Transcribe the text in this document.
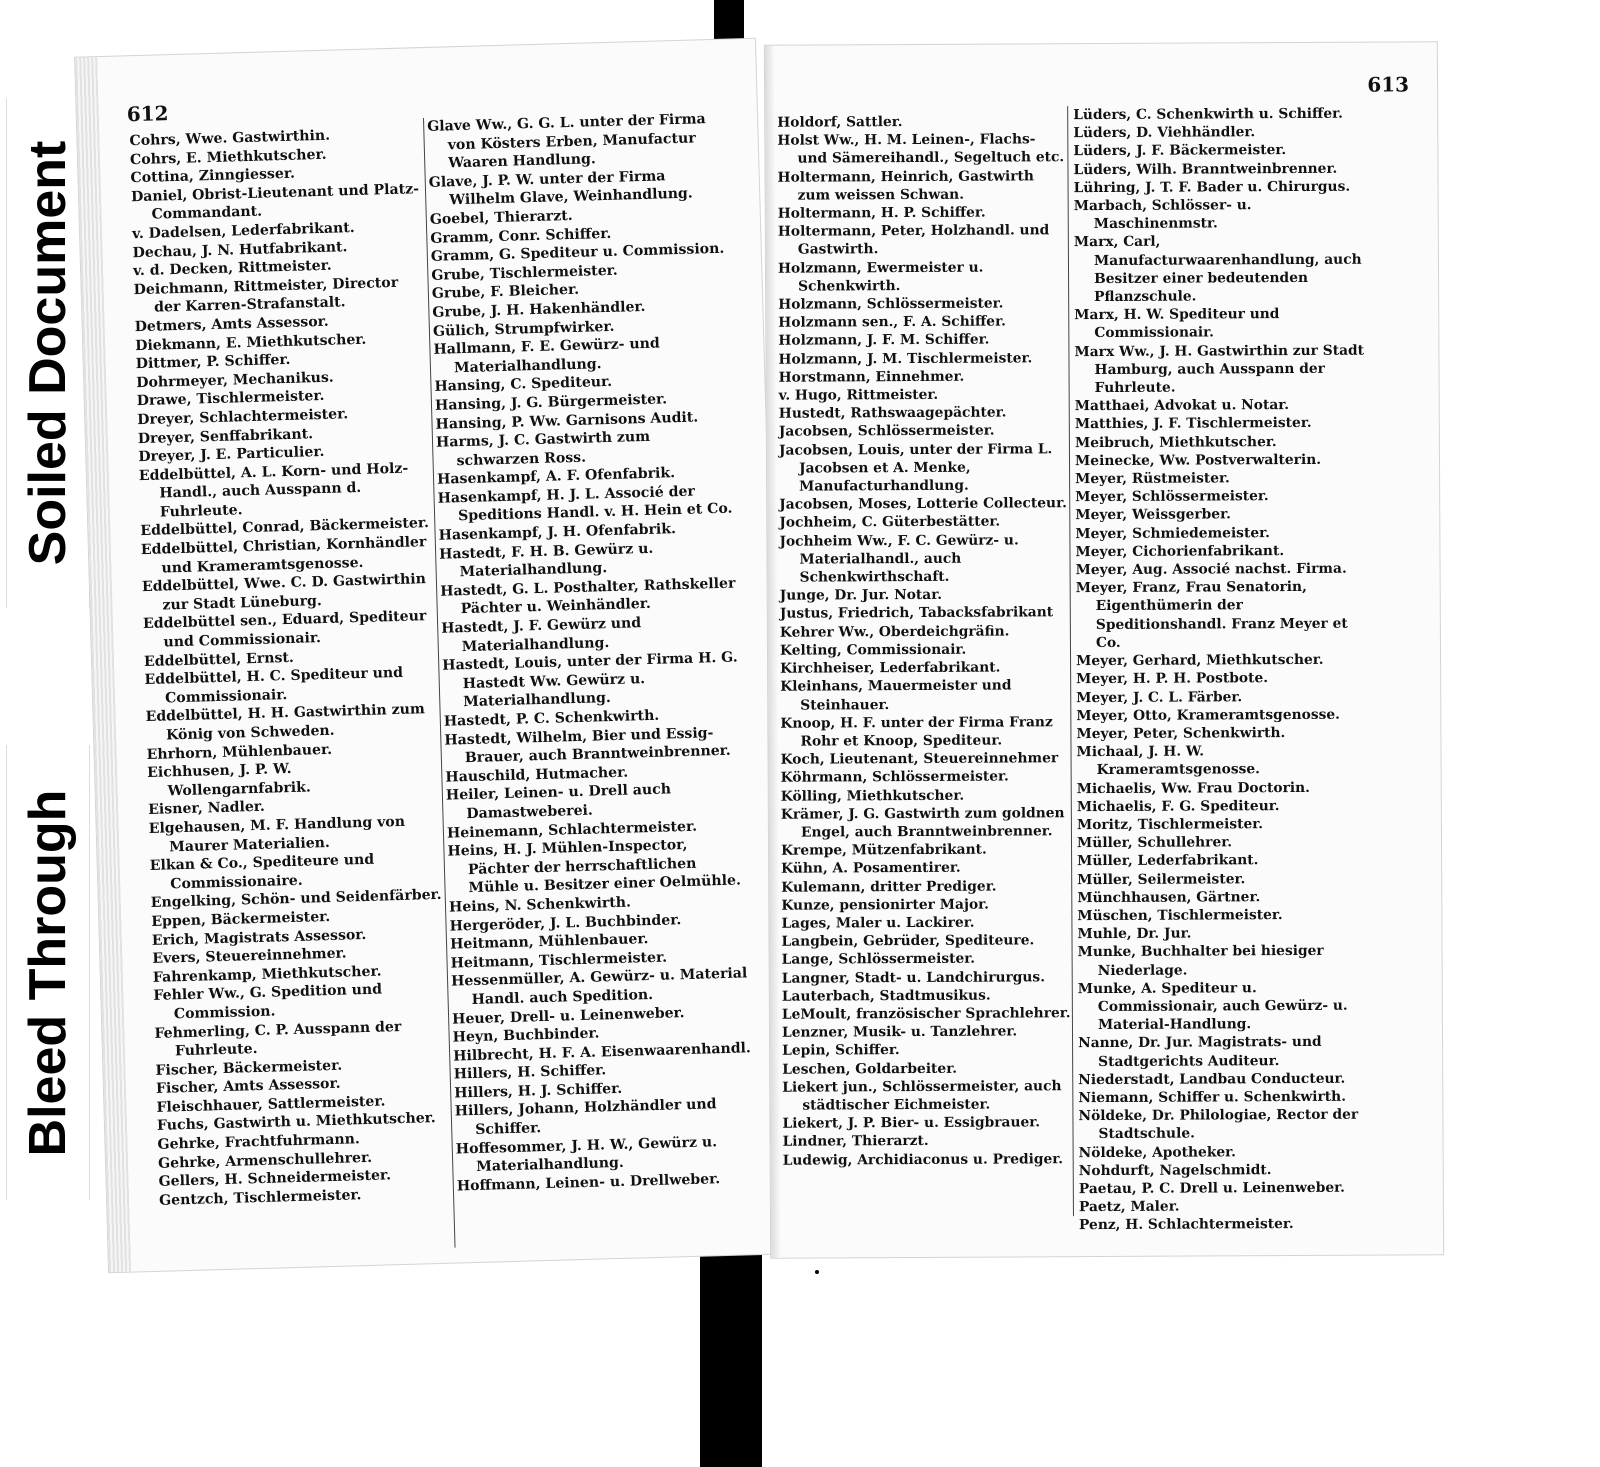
Soiled Document
Bleed Through
612
Cohrs, Wwe. Gastwirthin.
Cohrs, E. Miethkutscher.
Cottina, Zinngiesser.
Daniel, Obrist-Lieutenant und Platz-Commandant.
v. Dadelsen, Lederfabrikant.
Dechau, J. N. Hutfabrikant.
v. d. Decken, Rittmeister.
Deichmann, Rittmeister, Director der Karren-Strafanstalt.
Detmers, Amts Assessor.
Diekmann, E. Miethkutscher.
Dittmer, P. Schiffer.
Dohrmeyer, Mechanikus.
Drawe, Tischlermeister.
Dreyer, Schlachtermeister.
Dreyer, Senffabrikant.
Dreyer, J. E. Particulier.
Eddelbüttel, A. L. Korn- und Holz-Handl., auch Ausspann d. Fuhrleute.
Eddelbüttel, Conrad, Bäckermeister.
Eddelbüttel, Christian, Kornhändler und Krameramtsgenosse.
Eddelbüttel, Wwe. C. D. Gastwirthin zur Stadt Lüneburg.
Eddelbüttel sen., Eduard, Spediteur und Commissionair.
Eddelbüttel, Ernst.
Eddelbüttel, H. C. Spediteur und Commissionair.
Eddelbüttel, H. H. Gastwirthin zum König von Schweden.
Ehrhorn, Mühlenbauer.
Eichhusen, J. P. W. Wollengarnfabrik.
Eisner, Nadler.
Elgehausen, M. F. Handlung von Maurer Materialien.
Elkan & Co., Spediteure und Commissionaire.
Engelking, Schön- und Seidenfärber.
Eppen, Bäckermeister.
Erich, Magistrats Assessor.
Evers, Steuereinnehmer.
Fahrenkamp, Miethkutscher.
Fehler Ww., G. Spedition und Commission.
Fehmerling, C. P. Ausspann der Fuhrleute.
Fischer, Bäckermeister.
Fischer, Amts Assessor.
Fleischhauer, Sattlermeister.
Fuchs, Gastwirth u. Miethkutscher.
Gehrke, Frachtfuhrmann.
Gehrke, Armenschullehrer.
Gellers, H. Schneidermeister.
Gentzch, Tischlermeister.
Glave Ww., G. G. L. unter der Firma von Kösters Erben, Manufactur Waaren Handlung.
Glave, J. P. W. unter der Firma Wilhelm Glave, Weinhandlung.
Goebel, Thierarzt.
Gramm, Conr. Schiffer.
Gramm, G. Spediteur u. Commission.
Grube, Tischlermeister.
Grube, F. Bleicher.
Grube, J. H. Hakenhändler.
Gülich, Strumpfwirker.
Hallmann, F. E. Gewürz- und Materialhandlung.
Hansing, C. Spediteur.
Hansing, J. G. Bürgermeister.
Hansing, P. Ww. Garnisons Audit.
Harms, J. C. Gastwirth zum schwarzen Ross.
Hasenkampf, A. F. Ofenfabrik.
Hasenkampf, H. J. L. Associé der Speditions Handl. v. H. Hein et Co.
Hasenkampf, J. H. Ofenfabrik.
Hastedt, F. H. B. Gewürz u. Materialhandlung.
Hastedt, G. L. Posthalter, Rathskeller Pächter u. Weinhändler.
Hastedt, J. F. Gewürz und Materialhandlung.
Hastedt, Louis, unter der Firma H. G. Hastedt Ww. Gewürz u. Materialhandlung.
Hastedt, P. C. Schenkwirth.
Hastedt, Wilhelm, Bier und Essig-Brauer, auch Branntweinbrenner.
Hauschild, Hutmacher.
Heiler, Leinen- u. Drell auch Damastweberei.
Heinemann, Schlachtermeister.
Heins, H. J. Mühlen-Inspector, Pächter der herrschaftlichen Mühle u. Besitzer einer Oelmühle.
Heins, N. Schenkwirth.
Hergeröder, J. L. Buchbinder.
Heitmann, Mühlenbauer.
Heitmann, Tischlermeister.
Hessenmüller, A. Gewürz- u. Material Handl. auch Spedition.
Heuer, Drell- u. Leinenweber.
Heyn, Buchbinder.
Hilbrecht, H. F. A. Eisenwaarenhandl.
Hillers, H. Schiffer.
Hillers, H. J. Schiffer.
Hillers, Johann, Holzhändler und Schiffer.
Hoffesommer, J. H. W., Gewürz u. Materialhandlung.
Hoffmann, Leinen- u. Drellweber.
613
Holdorf, Sattler.
Holst Ww., H. M. Leinen-, Flachs- und Sämereihandl., Segeltuch etc.
Holtermann, Heinrich, Gastwirth zum weissen Schwan.
Holtermann, H. P. Schiffer.
Holtermann, Peter, Holzhandl. und Gastwirth.
Holzmann, Ewermeister u. Schenkwirth.
Holzmann, Schlössermeister.
Holzmann sen., F. A. Schiffer.
Holzmann, J. F. M. Schiffer.
Holzmann, J. M. Tischlermeister.
Horstmann, Einnehmer.
v. Hugo, Rittmeister.
Hustedt, Rathswaagepächter.
Jacobsen, Schlössermeister.
Jacobsen, Louis, unter der Firma L. Jacobsen et A. Menke, Manufacturhandlung.
Jacobsen, Moses, Lotterie Collecteur.
Jochheim, C. Güterbestätter.
Jochheim Ww., F. C. Gewürz- u. Materialhandl., auch Schenkwirthschaft.
Junge, Dr. Jur. Notar.
Justus, Friedrich, Tabacksfabrikant
Kehrer Ww., Oberdeichgräfin.
Kelting, Commissionair.
Kirchheiser, Lederfabrikant.
Kleinhans, Mauermeister und Steinhauer.
Knoop, H. F. unter der Firma Franz Rohr et Knoop, Spediteur.
Koch, Lieutenant, Steuereinnehmer
Köhrmann, Schlössermeister.
Kölling, Miethkutscher.
Krämer, J. G. Gastwirth zum goldnen Engel, auch Branntweinbrenner.
Krempe, Mützenfabrikant.
Kühn, A. Posamentirer.
Kulemann, dritter Prediger.
Kunze, pensionirter Major.
Lages, Maler u. Lackirer.
Langbein, Gebrüder, Spediteure.
Lange, Schlössermeister.
Langner, Stadt- u. Landchirurgus.
Lauterbach, Stadtmusikus.
LeMoult, französischer Sprachlehrer.
Lenzner, Musik- u. Tanzlehrer.
Lepin, Schiffer.
Leschen, Goldarbeiter.
Liekert jun., Schlössermeister, auch städtischer Eichmeister.
Liekert, J. P. Bier- u. Essigbrauer.
Lindner, Thierarzt.
Ludewig, Archidiaconus u. Prediger.
Lüders, C. Schenkwirth u. Schiffer.
Lüders, D. Viehhändler.
Lüders, J. F. Bäckermeister.
Lüders, Wilh. Branntweinbrenner.
Lühring, J. T. F. Bader u. Chirurgus.
Marbach, Schlösser- u. Maschinenmstr.
Marx, Carl, Manufacturwaarenhandlung, auch Besitzer einer bedeutenden Pflanzschule.
Marx, H. W. Spediteur und Commissionair.
Marx Ww., J. H. Gastwirthin zur Stadt Hamburg, auch Ausspann der Fuhrleute.
Matthaei, Advokat u. Notar.
Matthies, J. F. Tischlermeister.
Meibruch, Miethkutscher.
Meinecke, Ww. Postverwalterin.
Meyer, Rüstmeister.
Meyer, Schlössermeister.
Meyer, Weissgerber.
Meyer, Schmiedemeister.
Meyer, Cichorienfabrikant.
Meyer, Aug. Associé nachst. Firma.
Meyer, Franz, Frau Senatorin, Eigenthümerin der Speditionshandl. Franz Meyer et Co.
Meyer, Gerhard, Miethkutscher.
Meyer, H. P. H. Postbote.
Meyer, J. C. L. Färber.
Meyer, Otto, Krameramtsgenosse.
Meyer, Peter, Schenkwirth.
Michaal, J. H. W. Krameramtsgenosse.
Michaelis, Ww. Frau Doctorin.
Michaelis, F. G. Spediteur.
Moritz, Tischlermeister.
Müller, Schullehrer.
Müller, Lederfabrikant.
Müller, Seilermeister.
Münchhausen, Gärtner.
Müschen, Tischlermeister.
Muhle, Dr. Jur.
Munke, Buchhalter bei hiesiger Niederlage.
Munke, A. Spediteur u. Commissionair, auch Gewürz- u. Material-Handlung.
Nanne, Dr. Jur. Magistrats- und Stadtgerichts Auditeur.
Niederstadt, Landbau Conducteur.
Niemann, Schiffer u. Schenkwirth.
Nöldeke, Dr. Philologiae, Rector der Stadtschule.
Nöldeke, Apotheker.
Nohdurft, Nagelschmidt.
Paetau, P. C. Drell u. Leinenweber.
Paetz, Maler.
Penz, H. Schlachtermeister.
